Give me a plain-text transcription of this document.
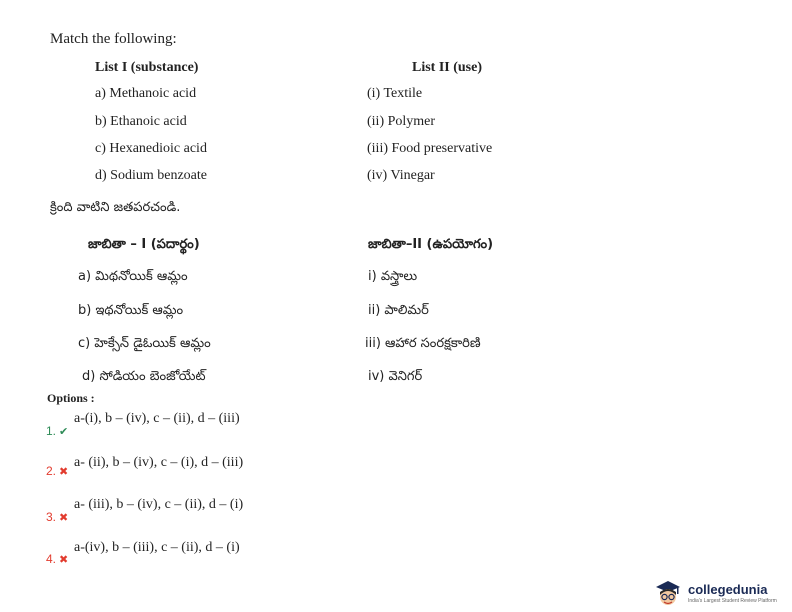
Match the following:
List I (substance)	List II (use)
a) Methanoic acid
b) Ethanoic acid
c) Hexanedioic acid
d) Sodium benzoate
(i) Textile
(ii) Polymer
(iii) Food preservative
(iv) Vinegar
క్రింది వాటిని జతపరచండి.
జాబితా – I (పదార్థం)	జాబితా–II (ఉపయోగం)
a) మిథనోయిక్ ఆమ్లం
b) ఇథనోయిక్ ఆమ్లం
c) హెక్సేన్ డైఓయిక్ ఆమ్లం
d) సోడియం బెంజోయేట్
i) వస్త్రాలు
ii) పాలిమర్
iii) ఆహార సంరక్షకారిణి
iv) వెనిగర్
Options :
1. ✔
a-(i), b – (iv), c – (ii), d – (iii)
2. ✖
a- (ii), b – (iv), c – (i), d – (iii)
3. ✖
a- (iii), b – (iv), c – (ii), d – (i)
4. ✖
a-(iv), b – (iii), c – (ii), d – (i)
collegedunia
India's Largest Student Review Platform
